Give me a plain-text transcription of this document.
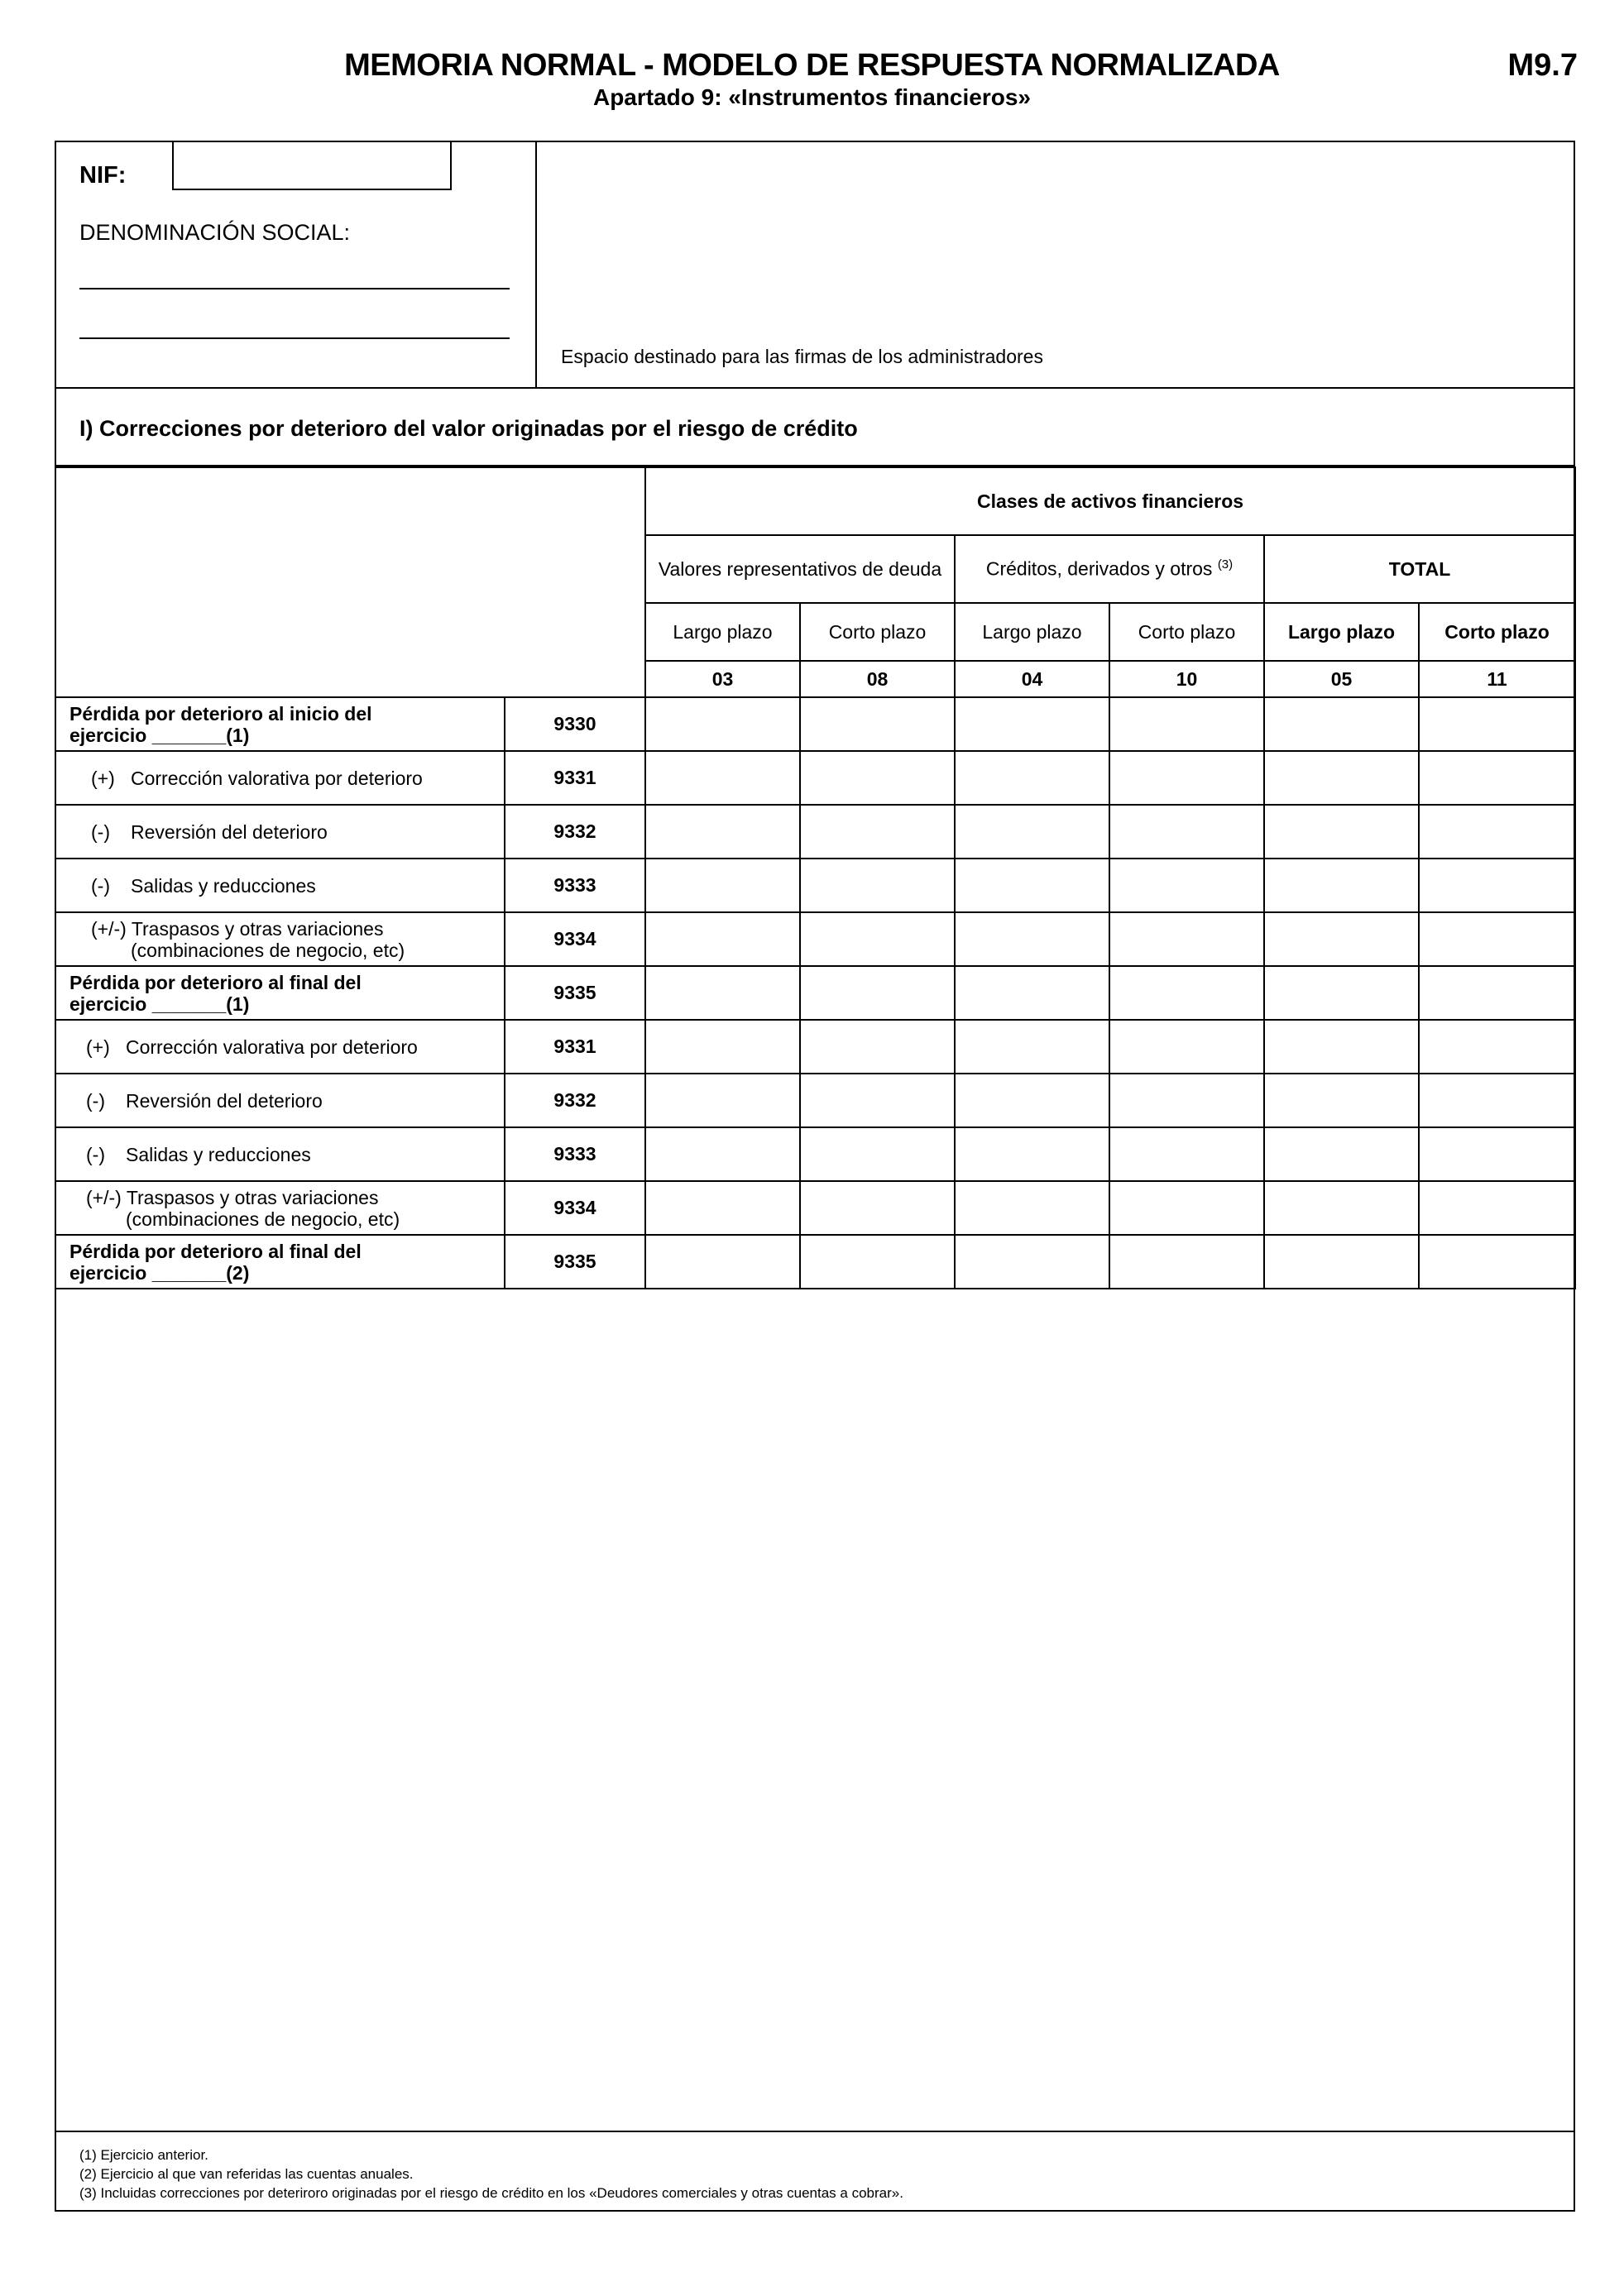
MEMORIA NORMAL - MODELO DE RESPUESTA NORMALIZADA
Apartado 9: «Instrumentos financieros»
M9.7
NIF:
DENOMINACIÓN SOCIAL:
Espacio destinado para las firmas de los administradores
I) Correcciones por deterioro del valor originadas por el riesgo de crédito
		Clases de activos financieros					
		Valores representativos de deuda		Créditos, derivados y otros $^{(3)}$		TOTAL	
		Largo plazo	Corto plazo	Largo plazo	Corto plazo	Largo plazo	Corto plazo
		03	08	04	10	05	11

Pérdida por deterioro al inicio del
ejercicio _______(1)	9330						

(+) Corrección valorativa por deterioro	9331						

(-) Reversión del deterioro	9332						

(-) Salidas y reducciones	9333						

(+/-) Traspasos y otras variaciones
(combinaciones de negocio, etc)	9334						

Pérdida por deterioro al final del
ejercicio _______(1)	9335						

(+) Corrección valorativa por deterioro	9331						

(-) Reversión del deterioro	9332						

(-) Salidas y reducciones	9333						

(+/-) Traspasos y otras variaciones
(combinaciones de negocio, etc)	9334						

Pérdida por deterioro al final del
ejercicio _______(2)	9335						
(1) Ejercicio anterior.
(2) Ejercicio al que van referidas las cuentas anuales.
(3) Incluidas correcciones por deteriroro originadas por el riesgo de crédito en los «Deudores comerciales y otras cuentas a cobrar».
